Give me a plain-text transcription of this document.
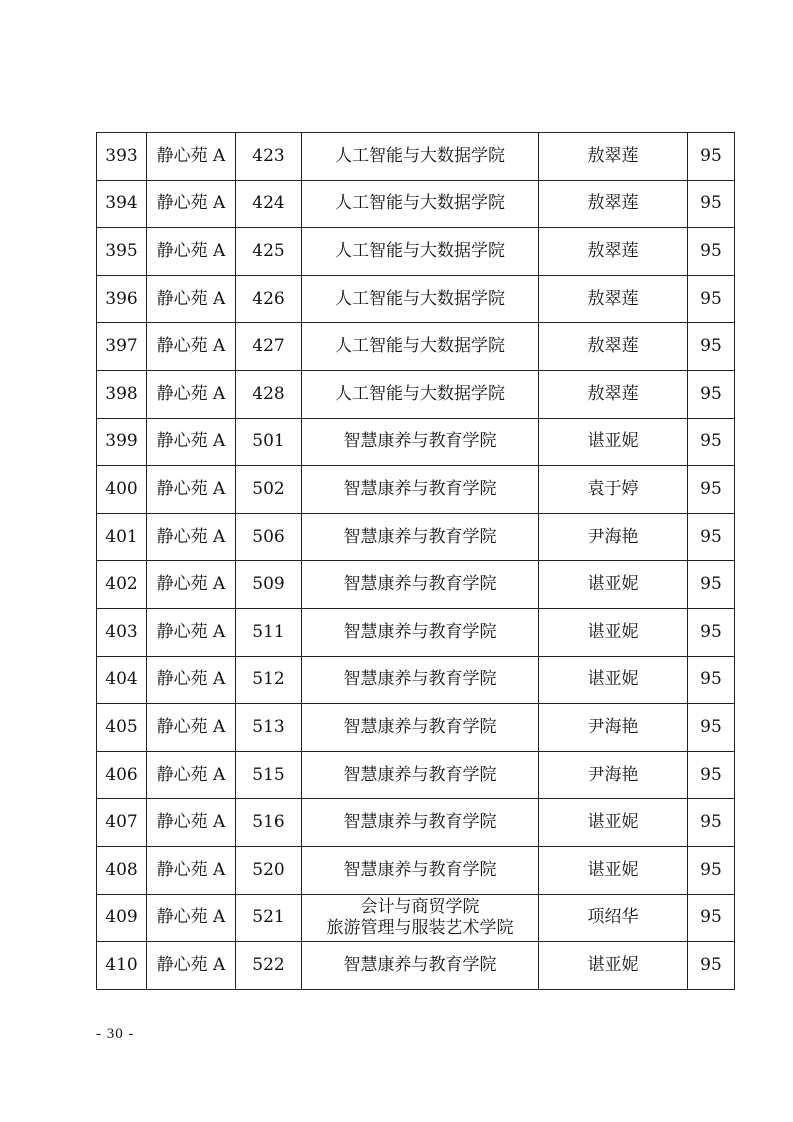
393	静心苑 A	423	人工智能与大数据学院	敖翠莲	95
394	静心苑 A	424	人工智能与大数据学院	敖翠莲	95
395	静心苑 A	425	人工智能与大数据学院	敖翠莲	95
396	静心苑 A	426	人工智能与大数据学院	敖翠莲	95
397	静心苑 A	427	人工智能与大数据学院	敖翠莲	95
398	静心苑 A	428	人工智能与大数据学院	敖翠莲	95
399	静心苑 A	501	智慧康养与教育学院	谌亚妮	95
400	静心苑 A	502	智慧康养与教育学院	袁于婷	95
401	静心苑 A	506	智慧康养与教育学院	尹海艳	95
402	静心苑 A	509	智慧康养与教育学院	谌亚妮	95
403	静心苑 A	511	智慧康养与教育学院	谌亚妮	95
404	静心苑 A	512	智慧康养与教育学院	谌亚妮	95
405	静心苑 A	513	智慧康养与教育学院	尹海艳	95
406	静心苑 A	515	智慧康养与教育学院	尹海艳	95
407	静心苑 A	516	智慧康养与教育学院	谌亚妮	95
408	静心苑 A	520	智慧康养与教育学院	谌亚妮	95
409	静心苑 A	521	会计与商贸学院
旅游管理与服装艺术学院	项绍华	95
410	静心苑 A	522	智慧康养与教育学院	谌亚妮	95
- 30 -
